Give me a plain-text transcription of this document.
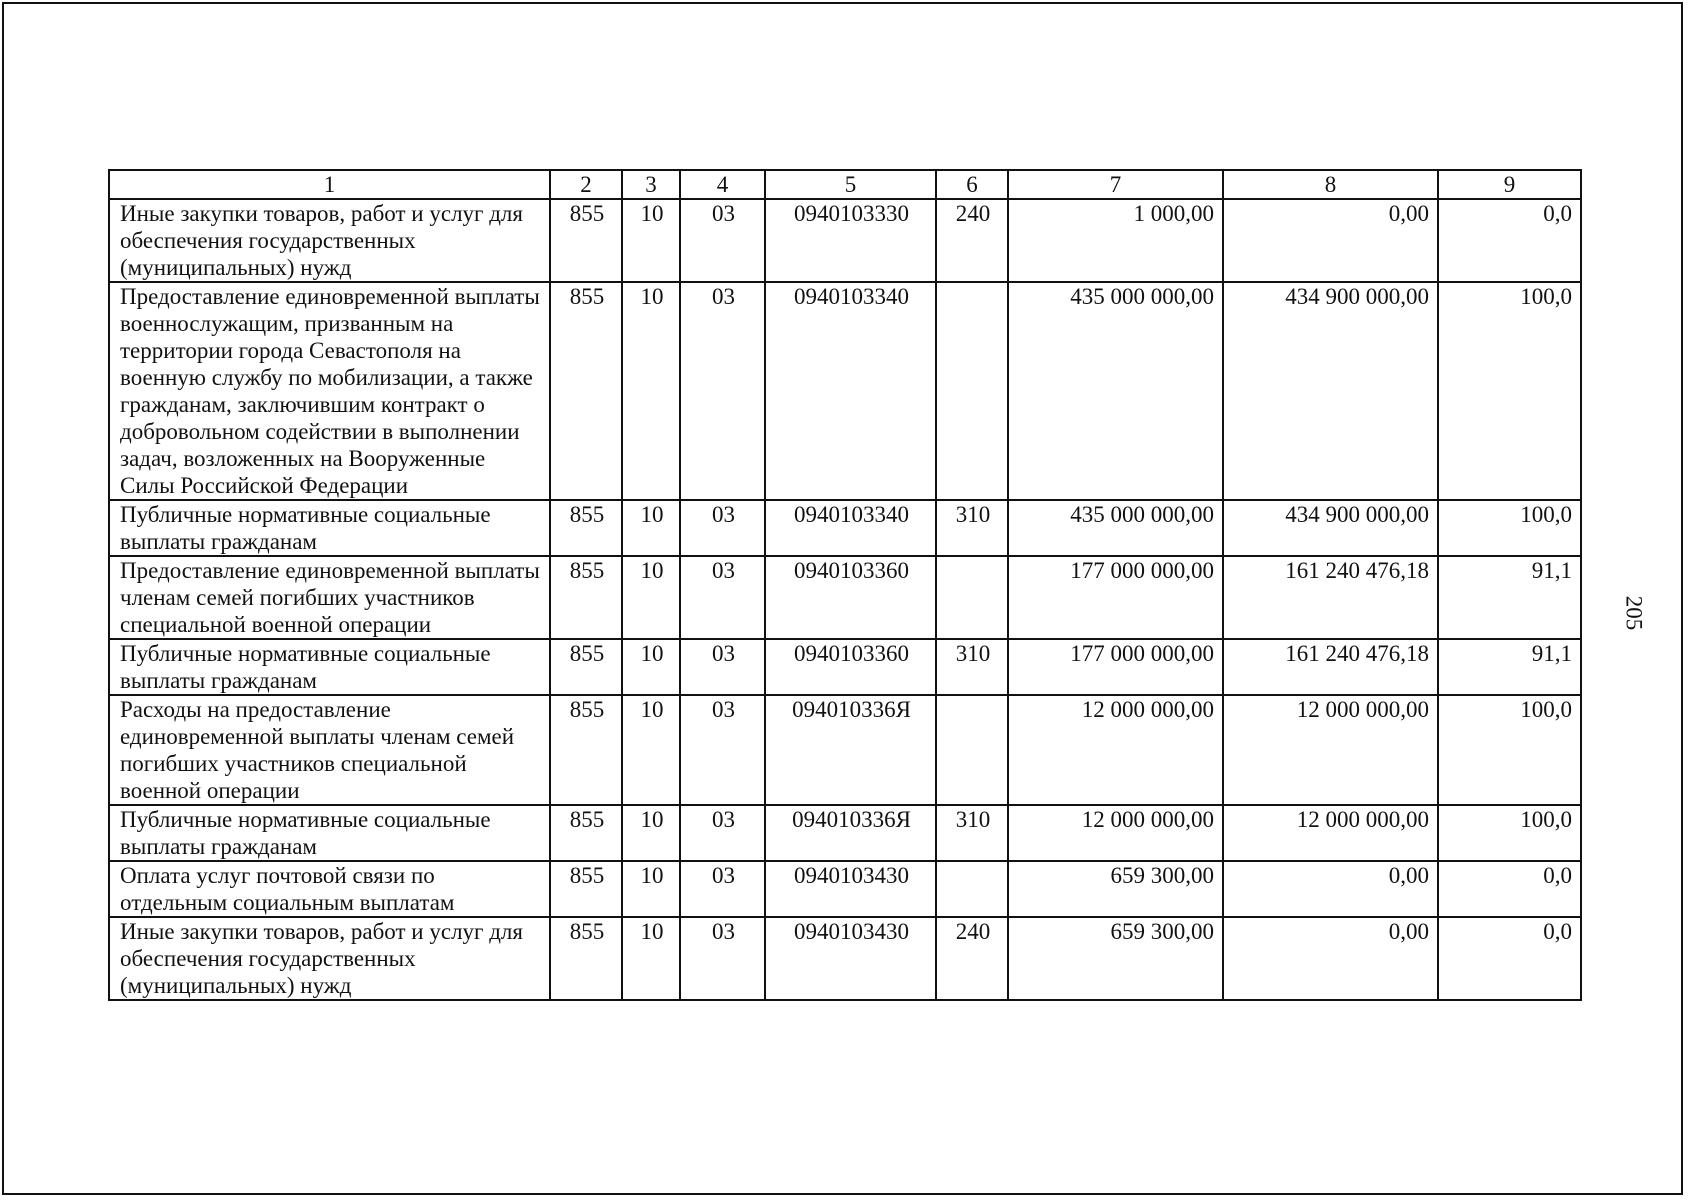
1	2	3	4	5	6	7	8	9
Иные закупки товаров, работ и услуг для обеспечения государственных (муниципальных) нужд	855	10	03	0940103330	240	1 000,00	0,00	0,0
Предоставление единовременной выплаты военнослужащим, призванным на территории города Севастополя на военную службу по мобилизации, а также гражданам, заключившим контракт о добровольном содействии в выполнении задач, возложенных на Вооруженные Силы Российской Федерации	855	10	03	0940103340		435 000 000,00	434 900 000,00	100,0
Публичные нормативные социальные выплаты гражданам	855	10	03	0940103340	310	435 000 000,00	434 900 000,00	100,0
Предоставление единовременной выплаты членам семей погибших участников специальной военной операции	855	10	03	0940103360		177 000 000,00	161 240 476,18	91,1
Публичные нормативные социальные выплаты гражданам	855	10	03	0940103360	310	177 000 000,00	161 240 476,18	91,1
Расходы на предоставление единовременной выплаты членам семей погибших участников специальной военной операции	855	10	03	094010336Я		12 000 000,00	12 000 000,00	100,0
Публичные нормативные социальные выплаты гражданам	855	10	03	094010336Я	310	12 000 000,00	12 000 000,00	100,0
Оплата услуг почтовой связи по отдельным социальным выплатам	855	10	03	0940103430		659 300,00	0,00	0,0
Иные закупки товаров, работ и услуг для обеспечения государственных (муниципальных) нужд	855	10	03	0940103430	240	659 300,00	0,00	0,0
205
